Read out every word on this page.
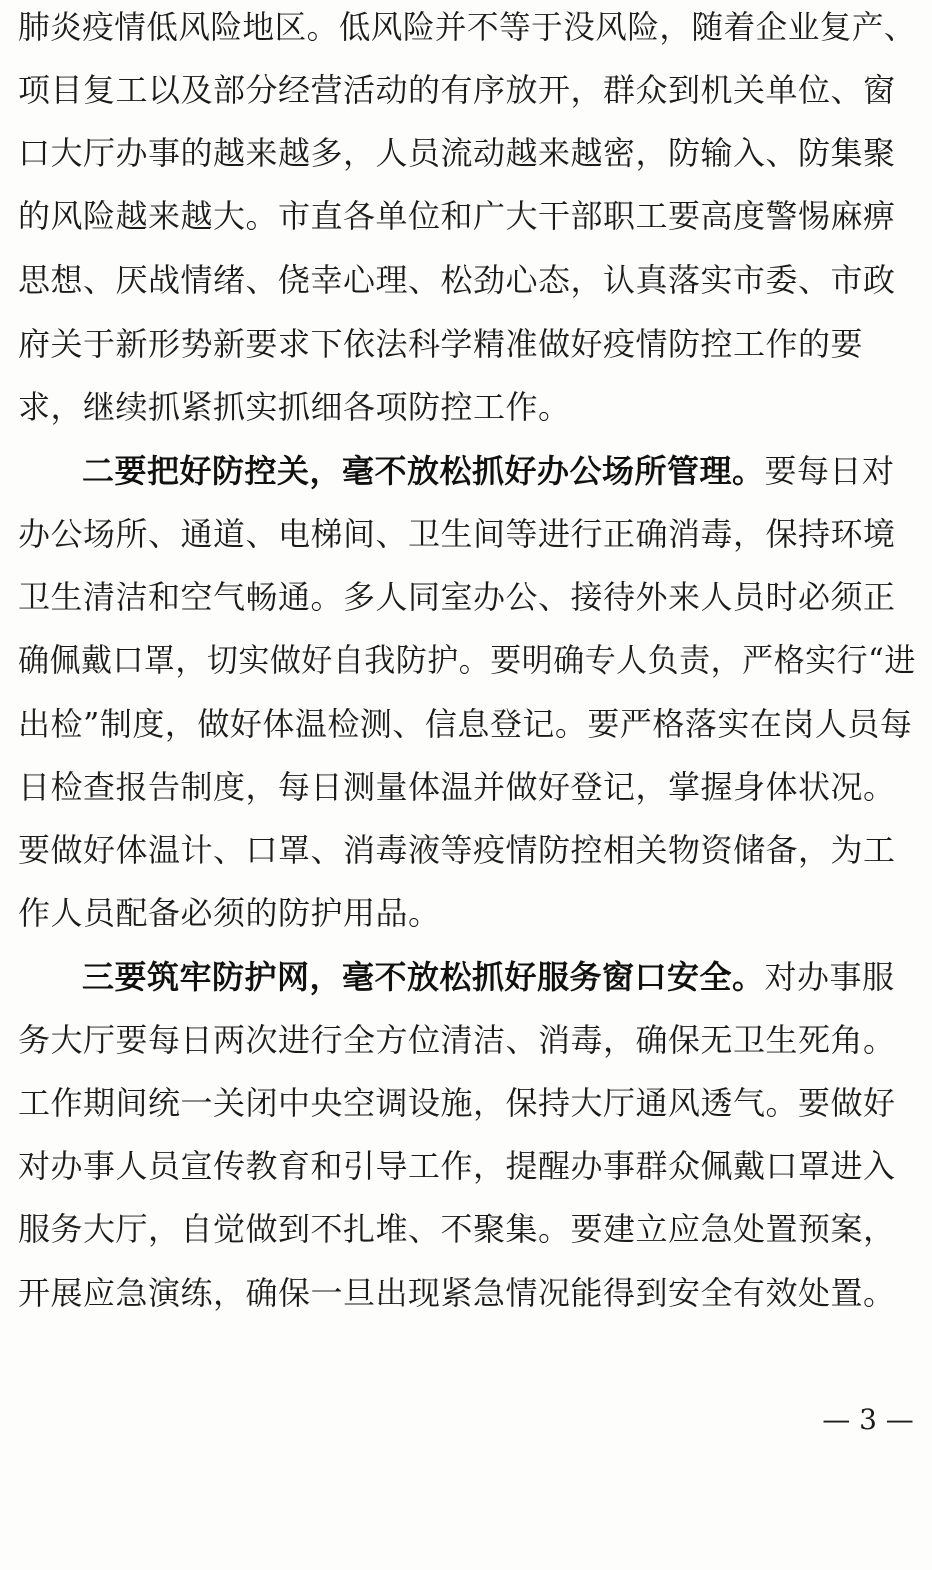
肺炎疫情低风险地区。低风险并不等于没风险，随着企业复产、
项目复工以及部分经营活动的有序放开，群众到机关单位、窗
口大厅办事的越来越多，人员流动越来越密，防输入、防集聚
的风险越来越大。市直各单位和广大干部职工要高度警惕麻痹
思想、厌战情绪、侥幸心理、松劲心态，认真落实市委、市政
府关于新形势新要求下依法科学精准做好疫情防控工作的要
求，继续抓紧抓实抓细各项防控工作。
二要把好防控关，毫不放松抓好办公场所管理。要每日对
办公场所、通道、电梯间、卫生间等进行正确消毒，保持环境
卫生清洁和空气畅通。多人同室办公、接待外来人员时必须正
确佩戴口罩，切实做好自我防护。要明确专人负责，严格实行“进
出检”制度，做好体温检测、信息登记。要严格落实在岗人员每
日检查报告制度，每日测量体温并做好登记，掌握身体状况。
要做好体温计、口罩、消毒液等疫情防控相关物资储备，为工
作人员配备必须的防护用品。
三要筑牢防护网，毫不放松抓好服务窗口安全。对办事服
务大厅要每日两次进行全方位清洁、消毒，确保无卫生死角。
工作期间统一关闭中央空调设施，保持大厅通风透气。要做好
对办事人员宣传教育和引导工作，提醒办事群众佩戴口罩进入
服务大厅，自觉做到不扎堆、不聚集。要建立应急处置预案，
开展应急演练，确保一旦出现紧急情况能得到安全有效处置。
— 3 —
